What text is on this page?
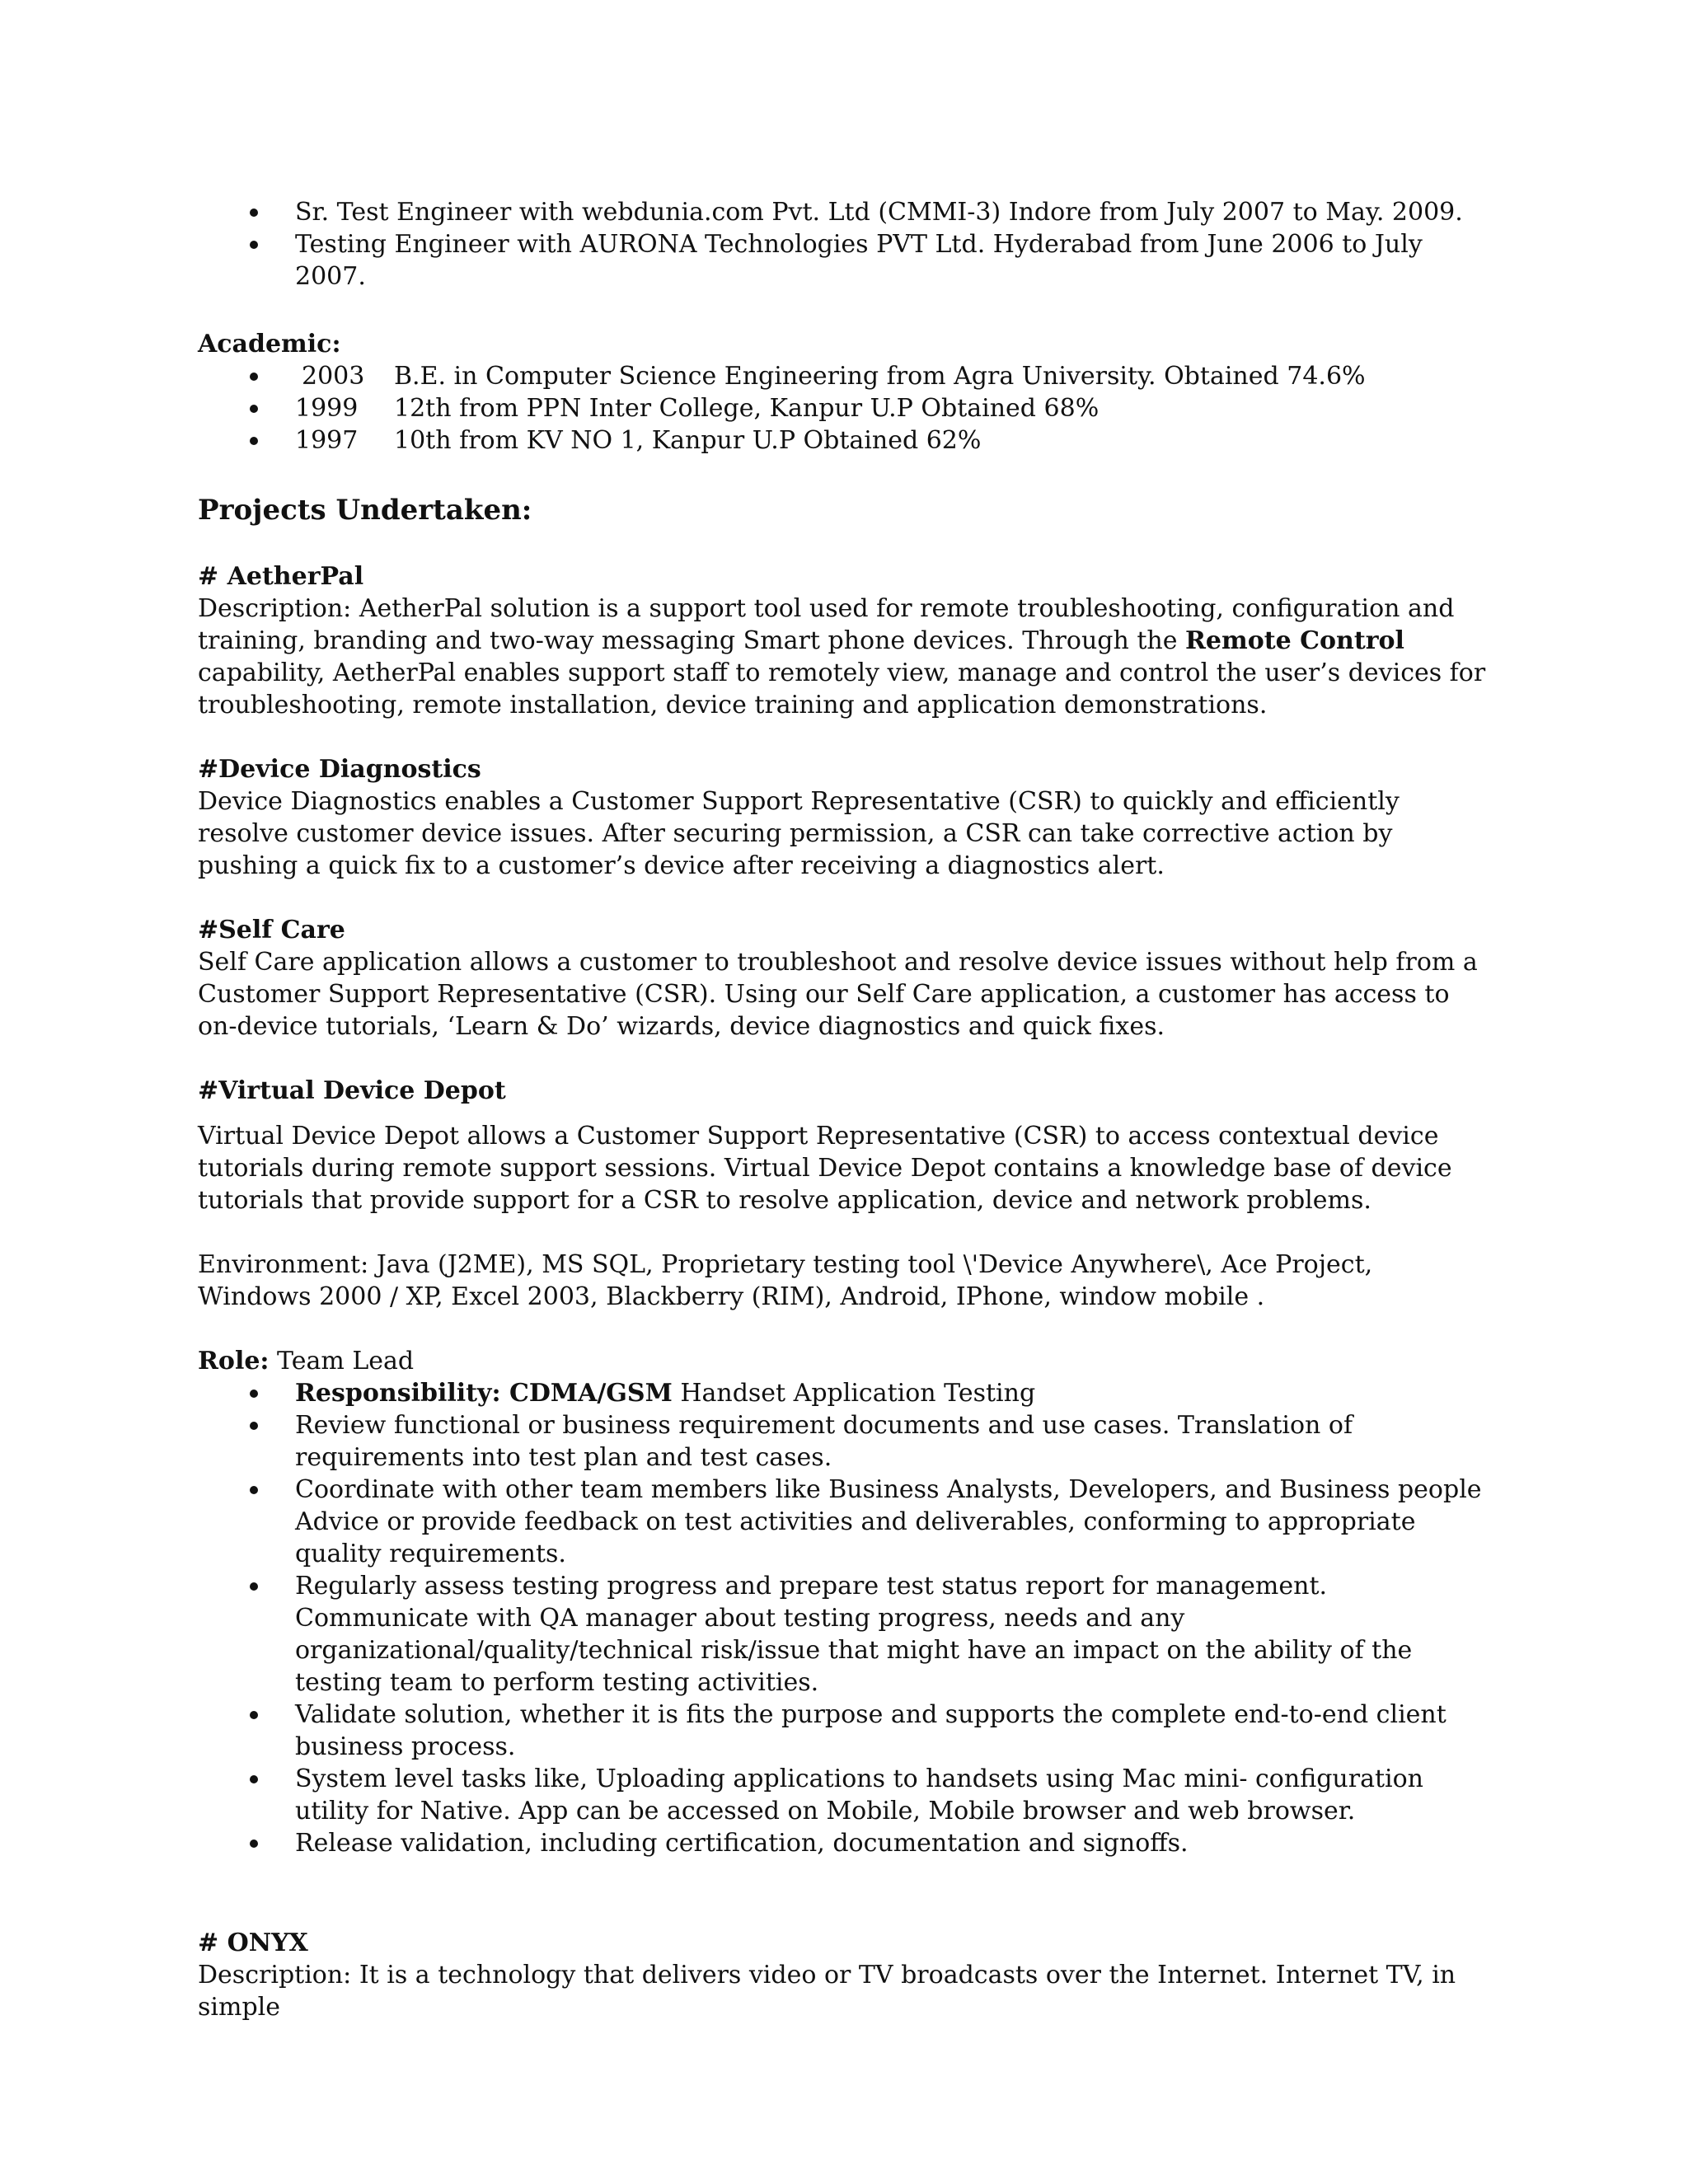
Sr. Test Engineer with webdunia.com Pvt. Ltd (CMMI-3) Indore from July 2007 to May. 2009.
Testing Engineer with AURONA Technologies PVT Ltd. Hyderabad from June 2006 to July 2007.

Academic:

2003 B.E. in Computer Science Engineering from Agra University. Obtained 74.6%
1999 12th from PPN Inter College, Kanpur U.P Obtained 68%
1997 10th from KV NO 1, Kanpur U.P Obtained 62%

Projects Undertaken:

# AetherPal

Description: AetherPal solution is a support tool used for remote troubleshooting, configuration and training, branding and two-way messaging Smart phone devices. Through the Remote Control capability, AetherPal enables support staff to remotely view, manage and control the user’s devices for troubleshooting, remote installation, device training and application demonstrations.

#Device Diagnostics

Device Diagnostics enables a Customer Support Representative (CSR) to quickly and efficiently resolve customer device issues. After securing permission, a CSR can take corrective action by pushing a quick fix to a customer’s device after receiving a diagnostics alert.

#Self Care

Self Care application allows a customer to troubleshoot and resolve device issues without help from a Customer Support Representative (CSR). Using our Self Care application, a customer has access to on-device tutorials, ‘Learn & Do’ wizards, device diagnostics and quick fixes.

#Virtual Device Depot

Virtual Device Depot allows a Customer Support Representative (CSR) to access contextual device tutorials during remote support sessions. Virtual Device Depot contains a knowledge base of device tutorials that provide support for a CSR to resolve application, device and network problems.

Environment: Java (J2ME), MS SQL, Proprietary testing tool \'Device Anywhere\, Ace Project, Windows 2000 / XP, Excel 2003, Blackberry (RIM), Android, IPhone, window mobile .

Role: Team Lead

Responsibility: CDMA/GSM Handset Application Testing
Review functional or business requirement documents and use cases. Translation of requirements into test plan and test cases.
Coordinate with other team members like Business Analysts, Developers, and Business people Advice or provide feedback on test activities and deliverables, conforming to appropriate quality requirements.
Regularly assess testing progress and prepare test status report for management. Communicate with QA manager about testing progress, needs and any organizational/quality/technical risk/issue that might have an impact on the ability of the testing team to perform testing activities.
Validate solution, whether it is fits the purpose and supports the complete end-to-end client business process.
System level tasks like, Uploading applications to handsets using Mac mini- configuration utility for Native. App can be accessed on Mobile, Mobile browser and web browser.
Release validation, including certification, documentation and signoffs.

# ONYX

Description: It is a technology that delivers video or TV broadcasts over the Internet. Internet TV, in simple
